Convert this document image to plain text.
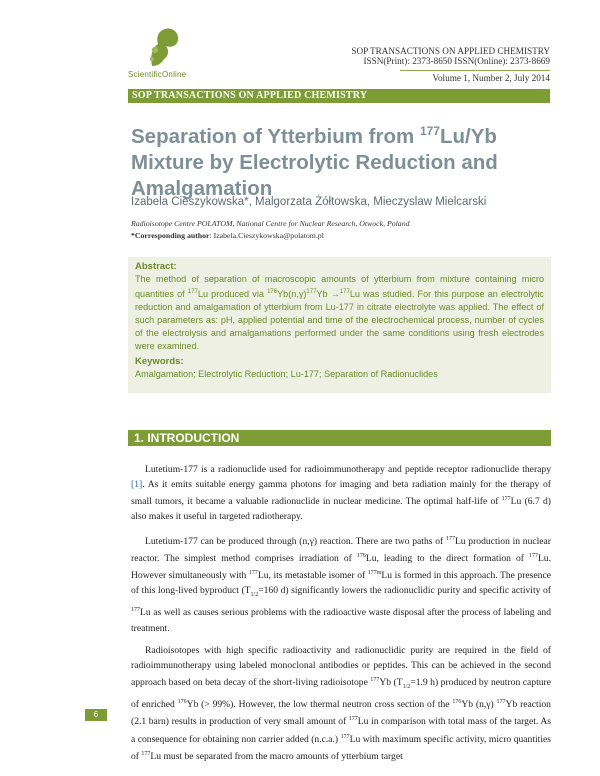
ScientificOnline
SOP TRANSACTIONS ON APPLIED CHEMISTRY
ISSN(Print): 2373-8650 ISSN(Online): 2373-8669
Volume 1, Number 2, July 2014
SOP TRANSACTIONS ON APPLIED CHEMISTRY
Separation of Ytterbium from $^{177}$Lu/Yb
Mixture by Electrolytic Reduction and
Amalgamation
Izabela Cieszykowska*, Malgorzata Żółtowska, Mieczyslaw Mielcarski
Radioisotope Centre POLATOM, National Centre for Nuclear Research, Otwock, Poland
*Corresponding author: Izabela.Cieszykowska@polatom.pl
Abstract:
The method of separation of macroscopic amounts of ytterbium from mixture containing micro quantities of $^{177}$Lu produced via $^{176}Yb(n,\gamma)^{177}Yb \to^{177}Lu$ was studied. For this purpose an electrolytic reduction and amalgamation of ytterbium from Lu-177 in citrate electrolyte was applied. The effect of such parameters as: pH, applied potential and time of the electrochemical process, number of cycles of the electrolysis and amalgamations performed under the same conditions using fresh electrodes were examined.
Keywords:
Amalgamation; Electrolytic Reduction; Lu-177; Separation of Radionuclides
1. INTRODUCTION

Lutetium-177 is a radionuclide used for radioimmunotherapy and peptide receptor radionuclide therapy [1]. As it emits suitable energy gamma photons for imaging and beta radiation mainly for the therapy of small tumors, it became a valuable radionuclide in nuclear medicine. The optimal half-life of $^{177}$Lu (6.7 d) also makes it useful in targeted radiotherapy.

Lutetium-177 can be produced through (n,γ) reaction. There are two paths of $^{177}$Lu production in nuclear reactor. The simplest method comprises irradiation of $^{176}$Lu, leading to the direct formation of $^{177}$Lu. However simultaneously with $^{177}$Lu, its metastable isomer of $^{177m}$Lu is formed in this approach. The presence of this long-lived byproduct ($T_{1/2}=160$ d) significantly lowers the radionuclidic purity and specific activity of $^{177}$Lu as well as causes serious problems with the radioactive waste disposal after the process of labeling and treatment.

Radioisotopes with high specific radioactivity and radionuclidic purity are required in the field of radioimmunotherapy using labeled monoclonal antibodies or peptides. This can be achieved in the second approach based on beta decay of the short-living radioisotope $^{177}$Yb ($T_{1/2}=1.9$ h) produced by neutron capture of enriched $^{176}$Yb (> 99%). However, the low thermal neutron cross section of the $^{176}$Yb (n,γ) $^{177}$Yb reaction (2.1 barn) results in production of very small amount of $^{177}$Lu in comparison with total mass of the target. As a consequence for obtaining non carrier added (n.c.a.) $^{177}$Lu with maximum specific activity, micro quantities of $^{177}$Lu must be separated from the macro amounts of ytterbium target

6
